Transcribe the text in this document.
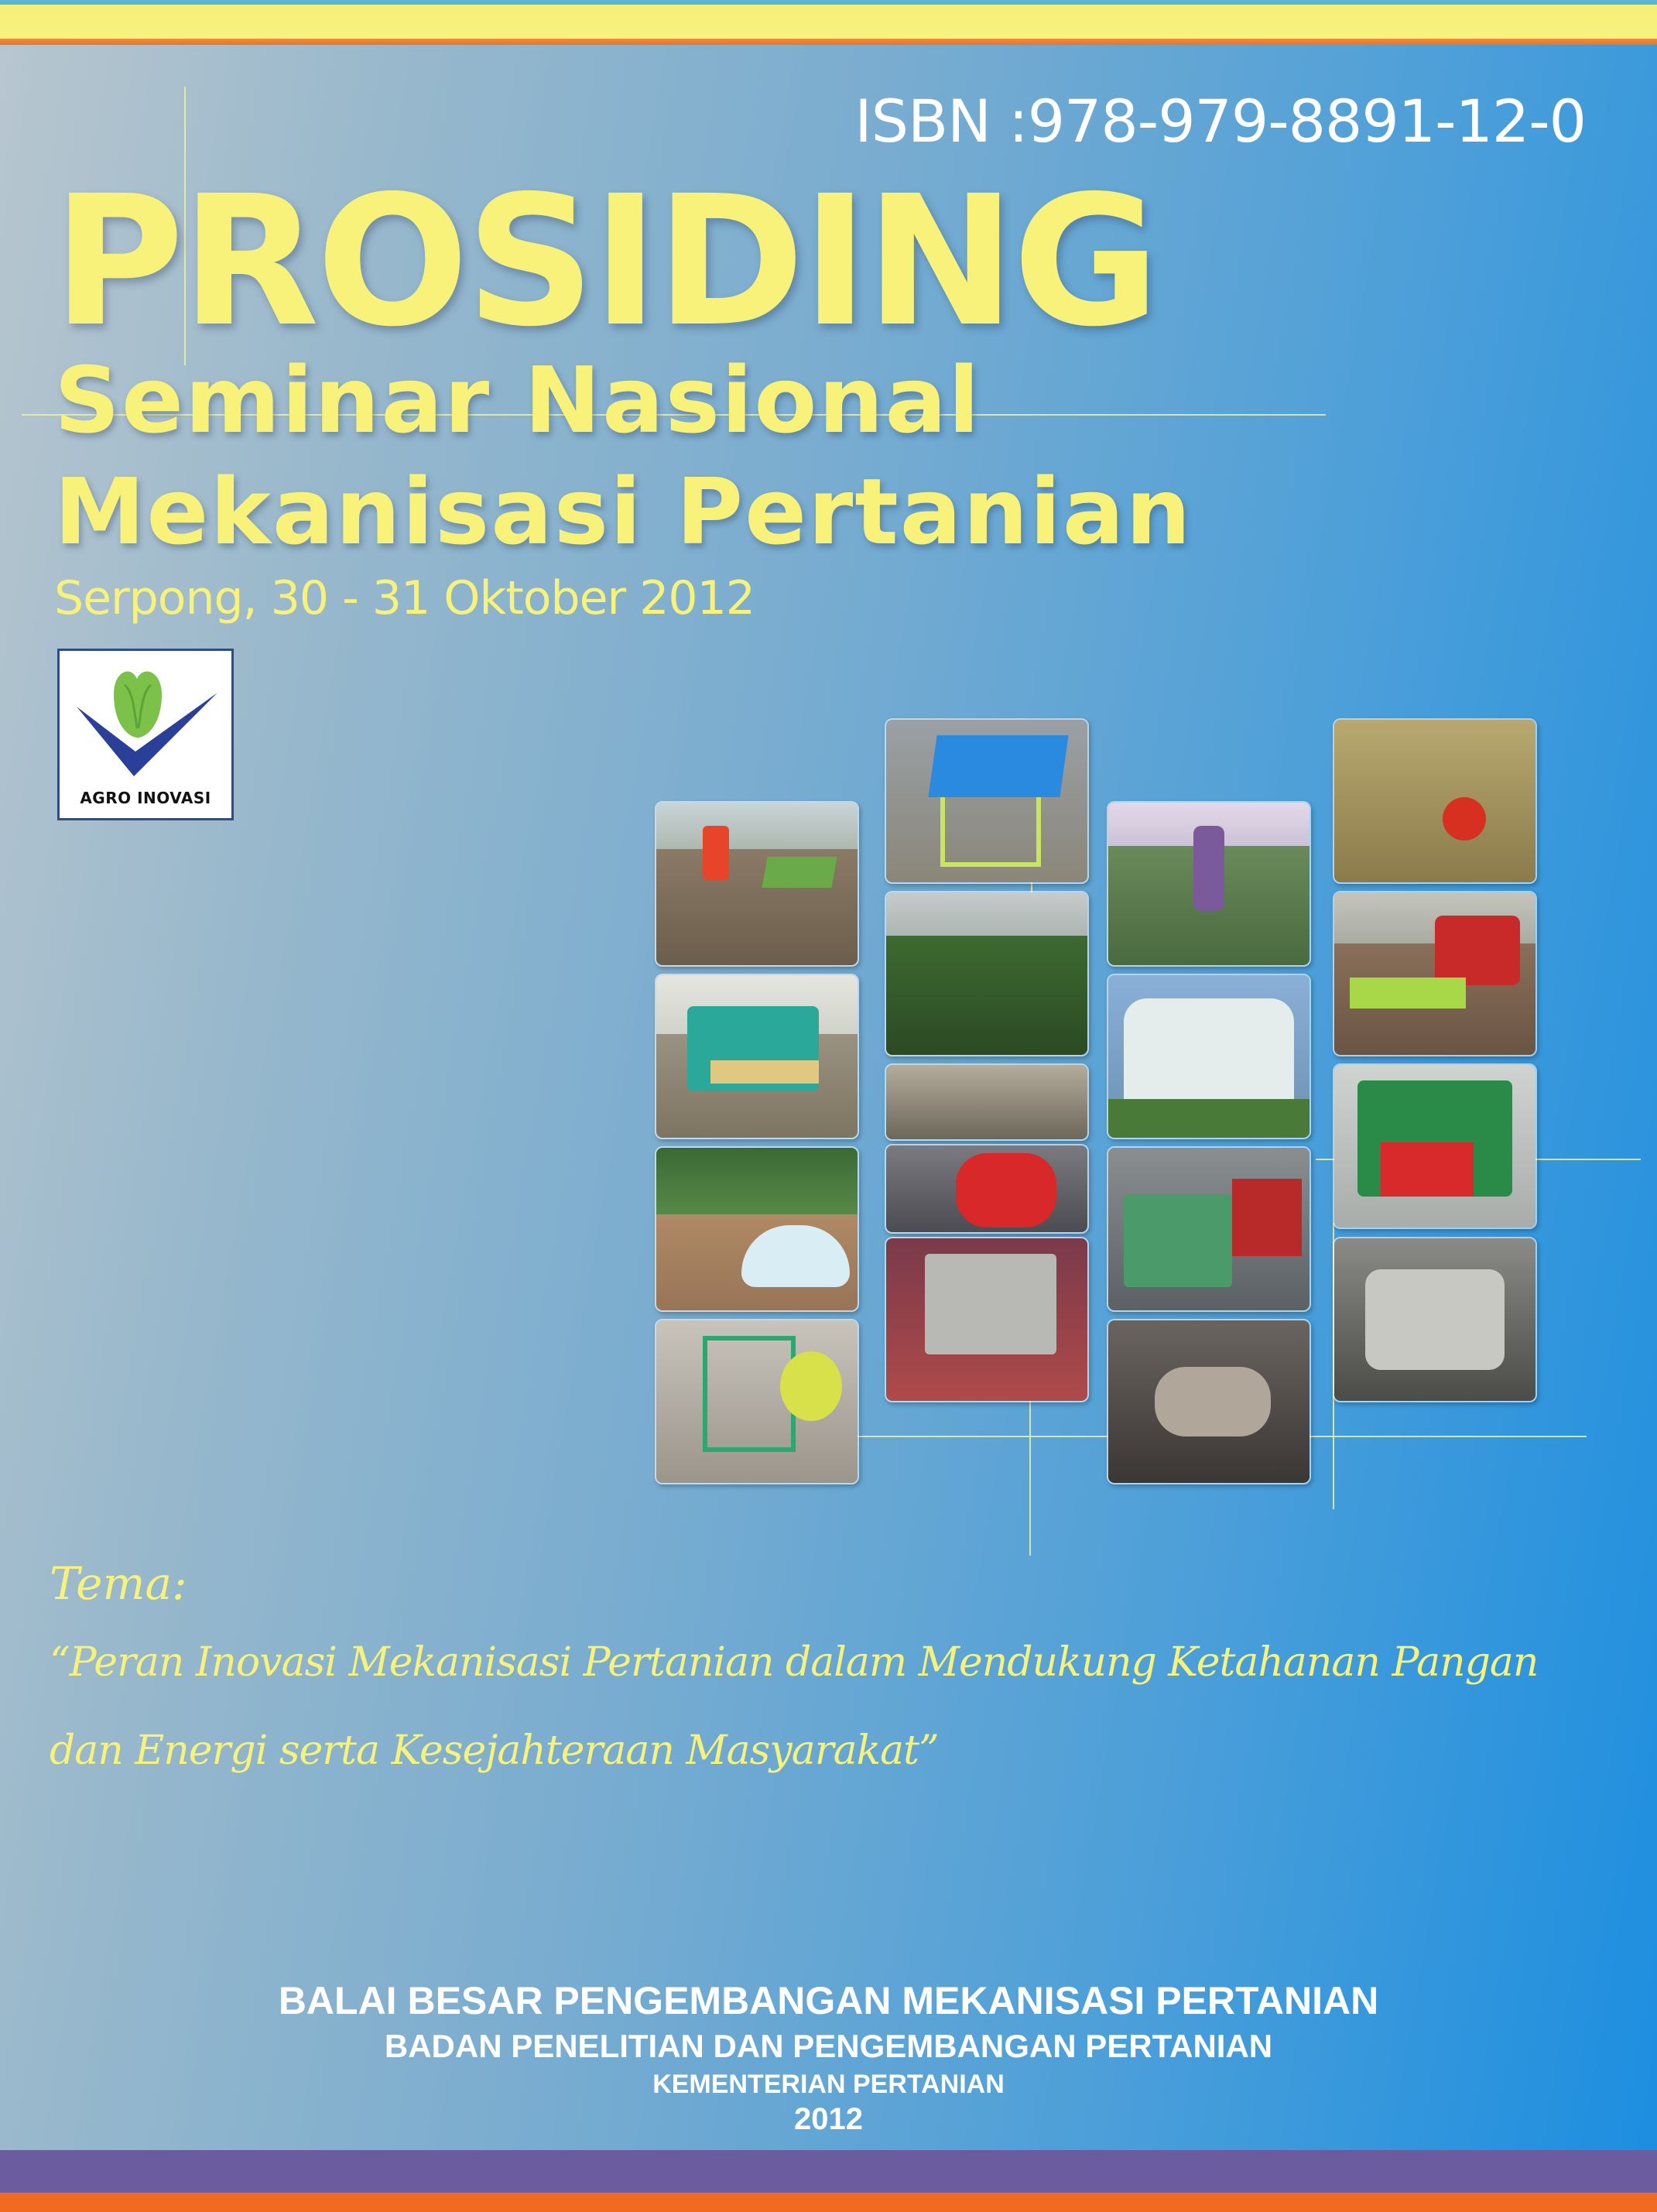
ISBN :978-979-8891-12-0
PROSIDING
Seminar Nasional
Mekanisasi Pertanian
Serpong, 30 - 31 Oktober 2012
AGRO INOVASI
Tema:
“Peran Inovasi Mekanisasi Pertanian dalam Mendukung Ketahanan Pangan
dan Energi serta Kesejahteraan Masyarakat”
BALAI BESAR PENGEMBANGAN MEKANISASI PERTANIAN
BADAN PENELITIAN DAN PENGEMBANGAN PERTANIAN
KEMENTERIAN PERTANIAN
2012
